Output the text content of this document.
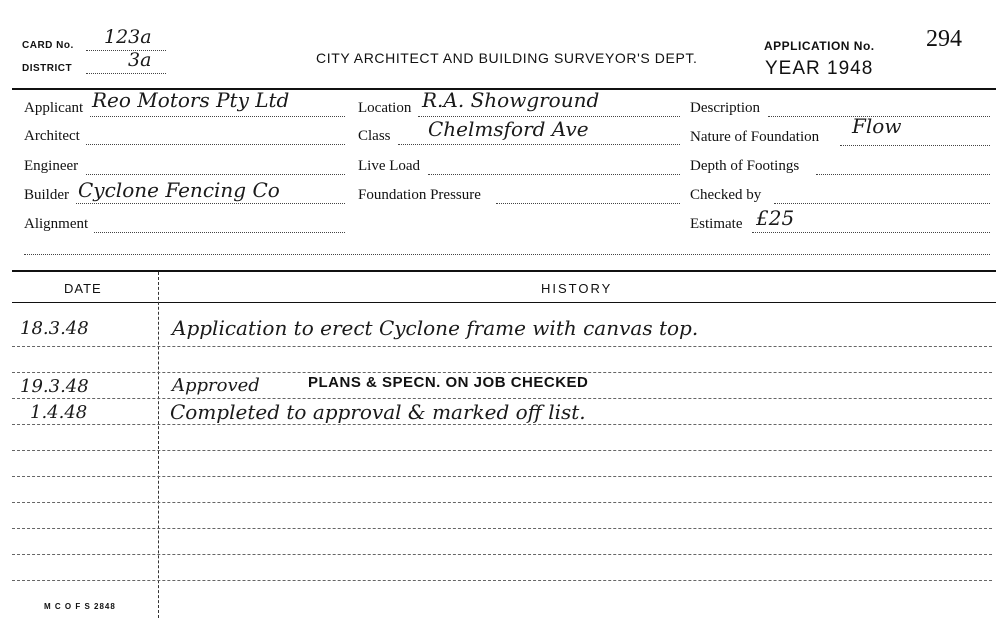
CARD No. 123a
DISTRICT	3a	CITY ARCHITECT AND BUILDING SURVEYOR'S DEPT.
APPLICATION No. 294
YEAR 1948
Applicant Reo Motors Pty Ltd
Architect
Engineer
Builder Cyclone Fencing Co
Alignment
Location R.A. Showground
Class Chelmsford Ave
Live Load
Foundation Pressure
Description
Nature of Foundation Flow
Depth of Footings
Checked by
Estimate £25
DATE	HISTORY
18.3.48	Application to erect Cyclone frame with canvas top.
19.3.48	Approved	PLANS & SPECN. ON JOB CHECKED
1.4.48	Completed to approval & marked off list.
M C O F S 2848
